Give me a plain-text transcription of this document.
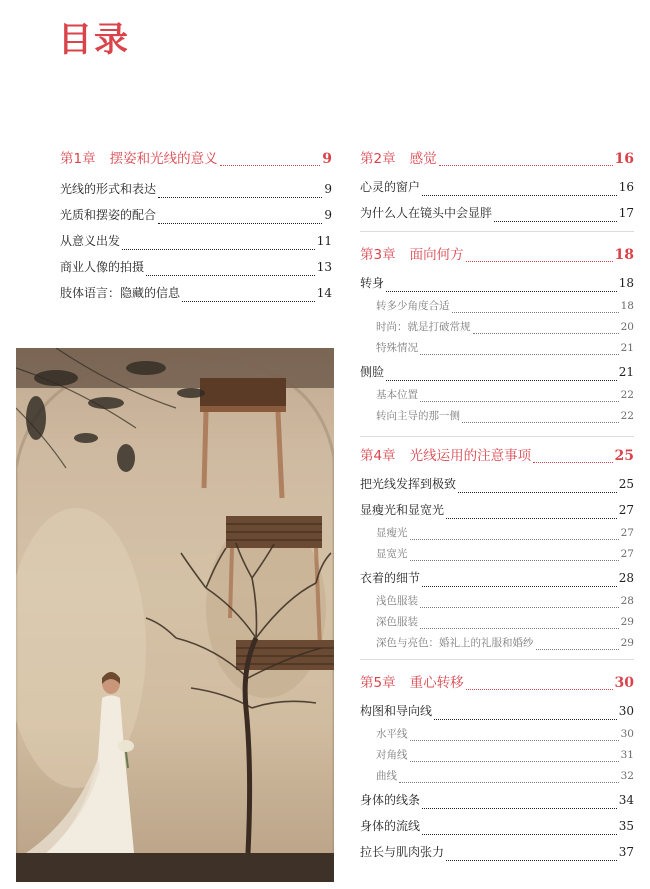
目录
第1章 摆姿和光线的意义	9
光线的形式和表达	9
光质和摆姿的配合	9
从意义出发	11
商业人像的拍摄	13
肢体语言：隐藏的信息	14
第2章 感觉	16
心灵的窗户	16
为什么人在镜头中会显胖	17
第3章 面向何方	18
转身	18
转多少角度合适	18
时尚：就是打破常规	20
特殊情况	21
侧脸	21
基本位置	22
转向主导的那一侧	22
第4章 光线运用的注意事项	25
把光线发挥到极致	25
显瘦光和显宽光	27
显瘦光	27
显宽光	27
衣着的细节	28
浅色服装	28
深色服装	29
深色与亮色：婚礼上的礼服和婚纱	29
第5章 重心转移	30
构图和导向线	30
水平线	30
对角线	31
曲线	32
身体的线条	34
身体的流线	35
拉长与肌肉张力	37
